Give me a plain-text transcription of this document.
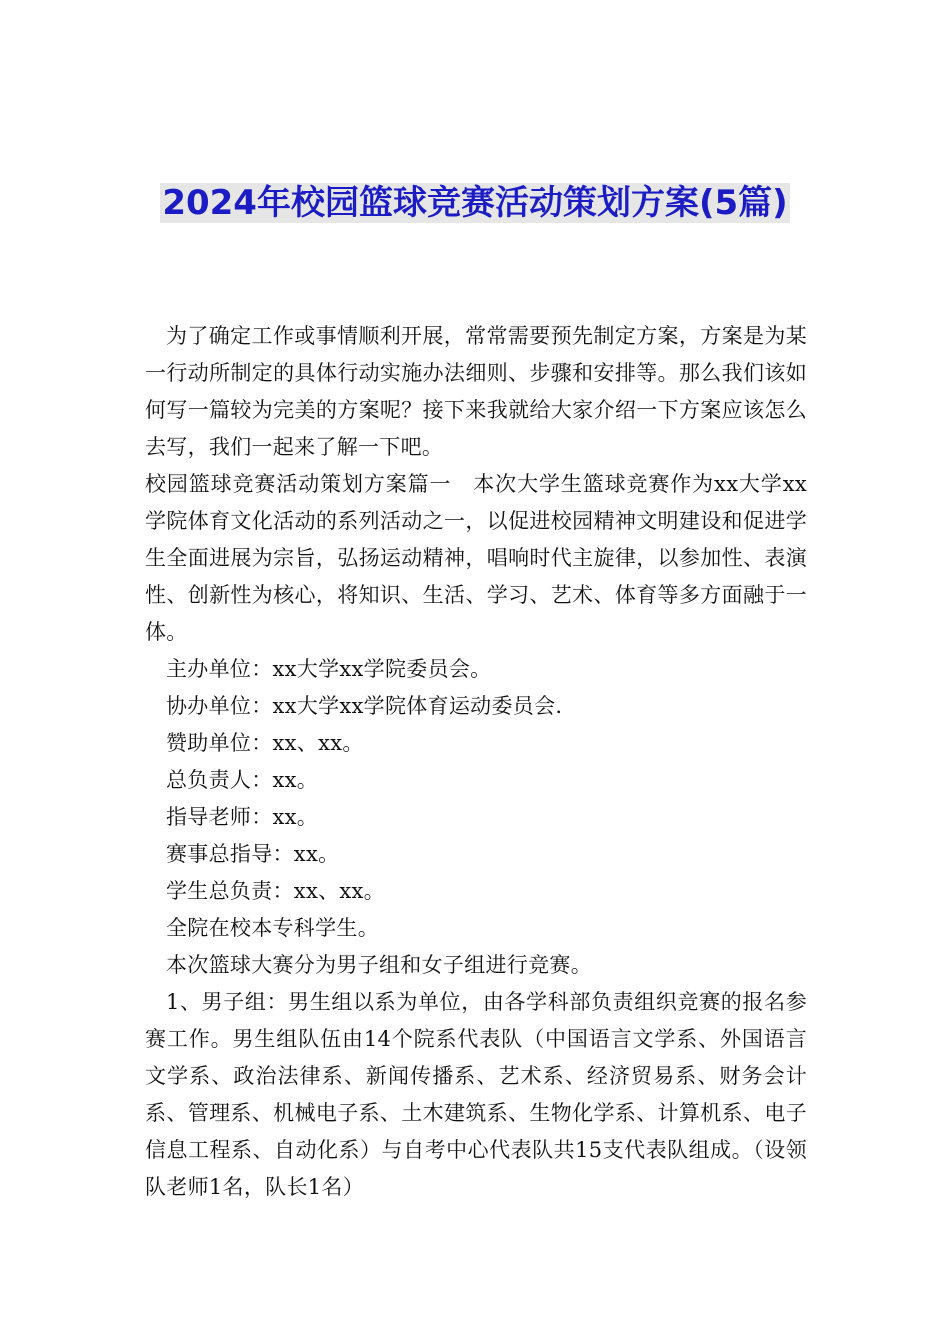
2024年校园篮球竞赛活动策划方案(5篇)

为了确定工作或事情顺利开展，常常需要预先制定方案，方案是为某一行动所制定的具体行动实施办法细则、步骤和安排等。那么我们该如何写一篇较为完美的方案呢？接下来我就给大家介绍一下方案应该怎么去写，我们一起来了解一下吧。

校园篮球竞赛活动策划方案篇一　本次大学生篮球竞赛作为xx大学xx学院体育文化活动的系列活动之一，以促进校园精神文明建设和促进学生全面进展为宗旨，弘扬运动精神，唱响时代主旋律，以参加性、表演性、创新性为核心，将知识、生活、学习、艺术、体育等多方面融于一体。

主办单位：xx大学xx学院委员会。

协办单位：xx大学xx学院体育运动委员会.

赞助单位：xx、xx。

总负责人：xx。

指导老师：xx。

赛事总指导：xx。

学生总负责：xx、xx。

全院在校本专科学生。

本次篮球大赛分为男子组和女子组进行竞赛。

1、男子组：男生组以系为单位，由各学科部负责组织竞赛的报名参赛工作。男生组队伍由14个院系代表队（中国语言文学系、外国语言文学系、政治法律系、新闻传播系、艺术系、经济贸易系、财务会计系、管理系、机械电子系、土木建筑系、生物化学系、计算机系、电子信息工程系、自动化系）与自考中心代表队共15支代表队组成。（设领队老师1名，队长1名）
